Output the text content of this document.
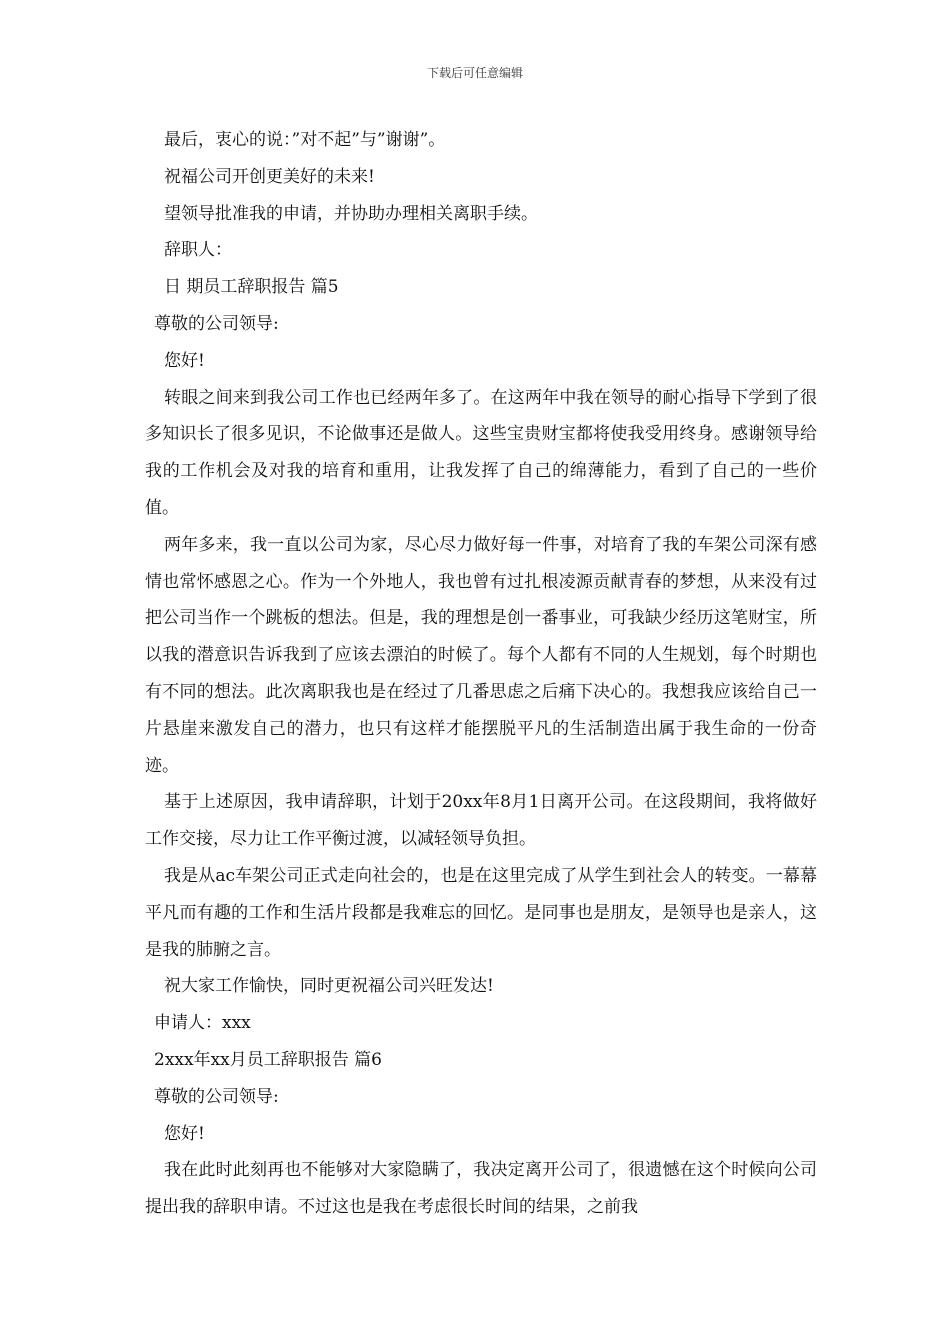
下载后可任意编辑
最后，衷心的说：”对不起”与”谢谢”。
祝福公司开创更美好的未来!
望领导批准我的申请，并协助办理相关离职手续。
辞职人：
日 期员工辞职报告 篇5
尊敬的公司领导:
您好!
转眼之间来到我公司工作也已经两年多了。在这两年中我在领导的耐心指导下学到了很多知识长了很多见识，不论做事还是做人。这些宝贵财宝都将使我受用终身。感谢领导给我的工作机会及对我的培育和重用，让我发挥了自己的绵薄能力，看到了自己的一些价值。
两年多来，我一直以公司为家，尽心尽力做好每一件事，对培育了我的车架公司深有感情也常怀感恩之心。作为一个外地人，我也曾有过扎根凌源贡献青春的梦想，从来没有过把公司当作一个跳板的想法。但是，我的理想是创一番事业，可我缺少经历这笔财宝，所以我的潜意识告诉我到了应该去漂泊的时候了。每个人都有不同的人生规划，每个时期也有不同的想法。此次离职我也是在经过了几番思虑之后痛下决心的。我想我应该给自己一片悬崖来激发自己的潜力，也只有这样才能摆脱平凡的生活制造出属于我生命的一份奇迹。
基于上述原因，我申请辞职，计划于20xx年8月1日离开公司。在这段期间，我将做好工作交接，尽力让工作平衡过渡，以减轻领导负担。
我是从ac车架公司正式走向社会的，也是在这里完成了从学生到社会人的转变。一幕幕平凡而有趣的工作和生活片段都是我难忘的回忆。是同事也是朋友，是领导也是亲人，这是我的肺腑之言。
祝大家工作愉快，同时更祝福公司兴旺发达!
申请人：xxx
2xxx年xx月员工辞职报告 篇6
尊敬的公司领导:
您好!
我在此时此刻再也不能够对大家隐瞒了，我决定离开公司了，很遗憾在这个时候向公司提出我的辞职申请。不过这也是我在考虑很长时间的结果，之前我
